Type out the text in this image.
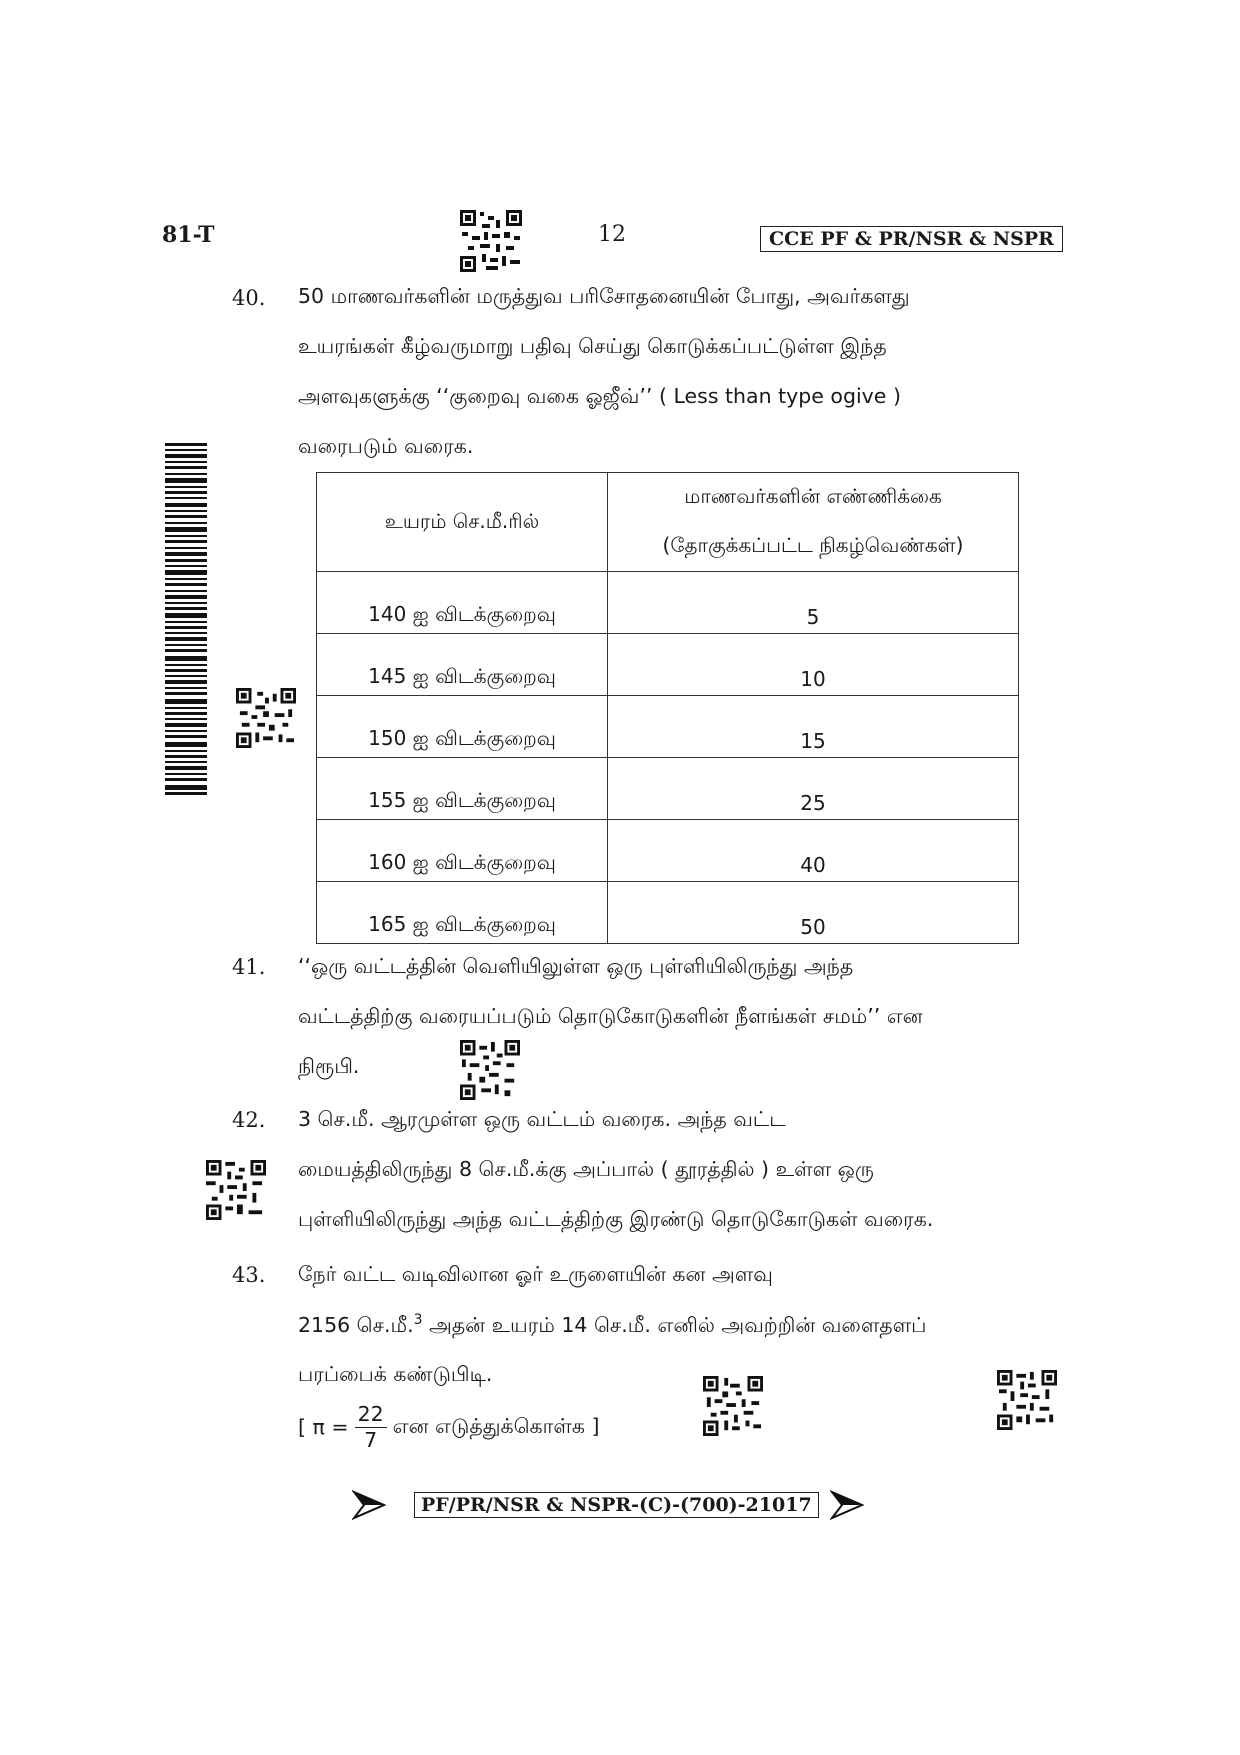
81-T	12	CCE PF & PR/NSR & NSPR
40. 50 மாணவர்களின் மருத்துவ பரிசோதனையின் போது, அவர்களது
உயரங்கள் கீழ்வருமாறு பதிவு செய்து கொடுக்கப்பட்டுள்ள இந்த
அளவுகளுக்கு ‘‘குறைவு வகை ஓஜீவ்’’ ( Less than type ogive )
வரைபடும் வரைக.
உயரம் செ.மீ.ரில்	மாணவர்களின் எண்ணிக்கை
(தோகுக்கப்பட்ட நிகழ்வெண்கள்)

140 ஐ விடக்குறைவு	5
145 ஐ விடக்குறைவு	10
150 ஐ விடக்குறைவு	15
155 ஐ விடக்குறைவு	25
160 ஐ விடக்குறைவு	40
165 ஐ விடக்குறைவு	50
41. ‘‘ஒரு வட்டத்தின் வெளியிலுள்ள ஒரு புள்ளியிலிருந்து அந்த
வட்டத்திற்கு வரையப்படும் தொடுகோடுகளின் நீளங்கள் சமம்’’ என
நிரூபி.
42. 3 செ.மீ. ஆரமுள்ள ஒரு வட்டம் வரைக. அந்த வட்ட
மையத்திலிருந்து 8 செ.மீ.க்கு அப்பால் ( தூரத்தில் ) உள்ள ஒரு
புள்ளியிலிருந்து அந்த வட்டத்திற்கு இரண்டு தொடுகோடுகள் வரைக.
43. நேர் வட்ட வடிவிலான ஓர் உருளையின் கன அளவு
2156 செ.மீ.$^3$ அதன் உயரம் 14 செ.மீ. எனில் அவற்றின் வளைதளப்
பரப்பைக் கண்டுபிடி.
[ $\pi = \frac{22}{7}$ என எடுத்துக்கொள்க ]
PF/PR/NSR & NSPR-(C)-(700)-21017
